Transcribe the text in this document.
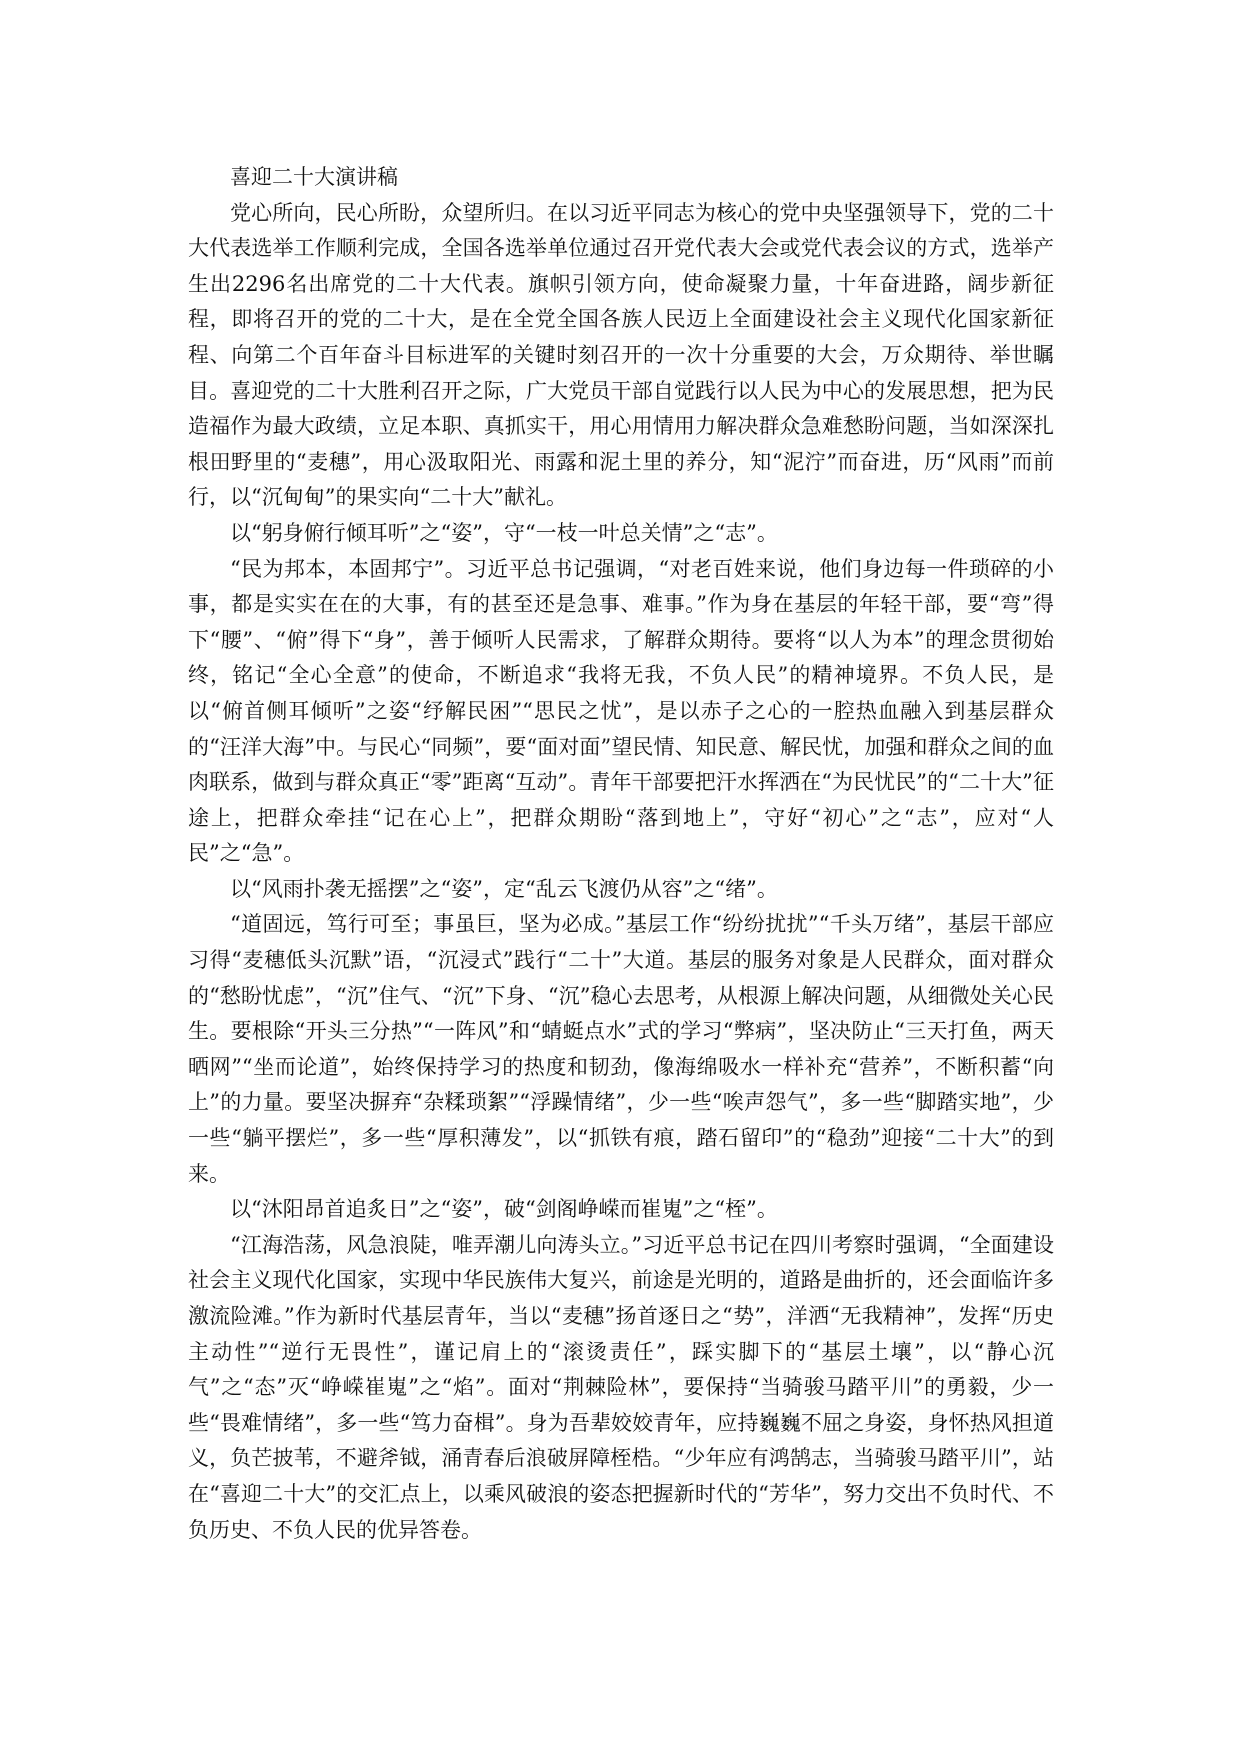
喜迎二十大演讲稿

党心所向，民心所盼，众望所归。在以习近平同志为核心的党中央坚强领导下，党的二十大代表选举工作顺利完成，全国各选举单位通过召开党代表大会或党代表会议的方式，选举产生出2296名出席党的二十大代表。旗帜引领方向，使命凝聚力量，十年奋进路，阔步新征程，即将召开的党的二十大，是在全党全国各族人民迈上全面建设社会主义现代化国家新征程、向第二个百年奋斗目标进军的关键时刻召开的一次十分重要的大会，万众期待、举世瞩目。喜迎党的二十大胜利召开之际，广大党员干部自觉践行以人民为中心的发展思想，把为民造福作为最大政绩，立足本职、真抓实干，用心用情用力解决群众急难愁盼问题，当如深深扎根田野里的“麦穗”，用心汲取阳光、雨露和泥土里的养分，知“泥泞”而奋进，历“风雨”而前行，以“沉甸甸”的果实向“二十大”献礼。

以“躬身俯行倾耳听”之“姿”，守“一枝一叶总关情”之“志”。

“民为邦本，本固邦宁”。习近平总书记强调，“对老百姓来说，他们身边每一件琐碎的小事，都是实实在在的大事，有的甚至还是急事、难事。”作为身在基层的年轻干部，要“弯”得下“腰”、“俯”得下“身”，善于倾听人民需求，了解群众期待。要将“以人为本”的理念贯彻始终，铭记“全心全意”的使命，不断追求“我将无我，不负人民”的精神境界。不负人民，是以“俯首侧耳倾听”之姿“纾解民困”“思民之忧”，是以赤子之心的一腔热血融入到基层群众的“汪洋大海”中。与民心“同频”，要“面对面”望民情、知民意、解民忧，加强和群众之间的血肉联系，做到与群众真正“零”距离“互动”。青年干部要把汗水挥洒在“为民忧民”的“二十大”征途上，把群众牵挂“记在心上”，把群众期盼“落到地上”，守好“初心”之“志”，应对“人民”之“急”。

以“风雨扑袭无摇摆”之“姿”，定“乱云飞渡仍从容”之“绪”。

“道固远，笃行可至；事虽巨，坚为必成。”基层工作“纷纷扰扰”“千头万绪”，基层干部应习得“麦穗低头沉默”语，“沉浸式”践行“二十”大道。基层的服务对象是人民群众，面对群众的“愁盼忧虑”，“沉”住气、“沉”下身、“沉”稳心去思考，从根源上解决问题，从细微处关心民生。要根除“开头三分热”“一阵风”和“蜻蜓点水”式的学习“弊病”，坚决防止“三天打鱼，两天晒网”“坐而论道”，始终保持学习的热度和韧劲，像海绵吸水一样补充“营养”，不断积蓄“向上”的力量。要坚决摒弃“杂糅琐絮”“浮躁情绪”，少一些“唉声怨气”，多一些“脚踏实地”，少一些“躺平摆烂”，多一些“厚积薄发”，以“抓铁有痕，踏石留印”的“稳劲”迎接“二十大”的到来。

以“沐阳昂首追炙日”之“姿”，破“剑阁峥嵘而崔嵬”之“桎”。

“江海浩荡，风急浪陡，唯弄潮儿向涛头立。”习近平总书记在四川考察时强调，“全面建设社会主义现代化国家，实现中华民族伟大复兴，前途是光明的，道路是曲折的，还会面临许多激流险滩。”作为新时代基层青年，当以“麦穗”扬首逐日之“势”，洋洒“无我精神”，发挥“历史主动性”“逆行无畏性”，谨记肩上的“滚烫责任”，踩实脚下的“基层土壤”，以“静心沉气”之“态”灭“峥嵘崔嵬”之“焰”。面对“荆棘险林”，要保持“当骑骏马踏平川”的勇毅，少一些“畏难情绪”，多一些“笃力奋楫”。身为吾辈姣姣青年，应持巍巍不屈之身姿，身怀热风担道义，负芒披苇，不避斧钺，涌青春后浪破屏障桎梏。“少年应有鸿鹄志，当骑骏马踏平川”，站在“喜迎二十大”的交汇点上，以乘风破浪的姿态把握新时代的“芳华”，努力交出不负时代、不负历史、不负人民的优异答卷。
